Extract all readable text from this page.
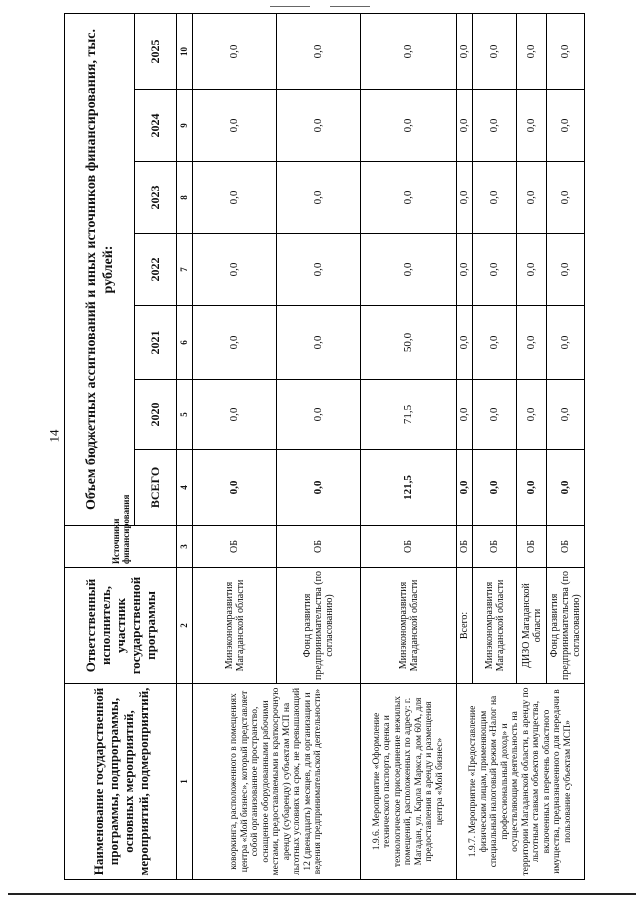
14
Наименование государственной программы, подпрограммы, основных мероприятий, мероприятий, подмероприятий,	Ответственный исполнитель, участник государственной программы	Источники финансирования	Объем бюджетных ассигнований и иных источников финансирования, тыс. рублей:						
			ВСЕГО	2020	2021	2022	2023	2024	2025
1	2	3	4	5	6	7	8	9	10
коворкинга, расположенного в помещениях центра «Мой бизнес», который представляет собой организованное пространство, оснащенное оборудованными рабочими местами, предоставляемыми в краткосрочную аренду (субаренду) субъектам МСП на льготных условиях на срок, не превышающий 12 (двенадцать) месяцев, для организации и ведения предпринимательской деятельности»	Минэкономразвития Магаданской области	ОБ	0,0	0,0	0,0	0,0	0,0	0,0	0,0
	Фонд развития предпринимательства (по согласованию)	ОБ	0,0	0,0	0,0	0,0	0,0	0,0	0,0
1.9.6. Мероприятие «Оформление технического паспорта, оценка и технологическое присоединение нежилых помещений, расположенных по адресу: г. Магадан, ул. Карла Маркса, дом 60А, для предоставления в аренду и размещения центра «Мой бизнес»	Минэкономразвития Магаданской области	ОБ	121,5	71,5	50,0	0,0	0,0	0,0	0,0
1.9.7. Мероприятие «Предоставление физическим лицам, применяющим специальный налоговый режим «Налог на профессиональный доход» и осуществляющим деятельность на территории Магаданской области, в аренду по льготным ставкам объектов имущества, включенных в перечень областного имущества, предназначенного для передачи в пользование субъектам МСП»	Всего:	ОБ	0,0	0,0	0,0	0,0	0,0	0,0	0,0
	Минэкономразвития Магаданской области	ОБ	0,0	0,0	0,0	0,0	0,0	0,0	0,0
	ДИЗО Магаданской области	ОБ	0,0	0,0	0,0	0,0	0,0	0,0	0,0
	Фонд развития предпринимательства (по согласованию)	ОБ	0,0	0,0	0,0	0,0	0,0	0,0	0,0
